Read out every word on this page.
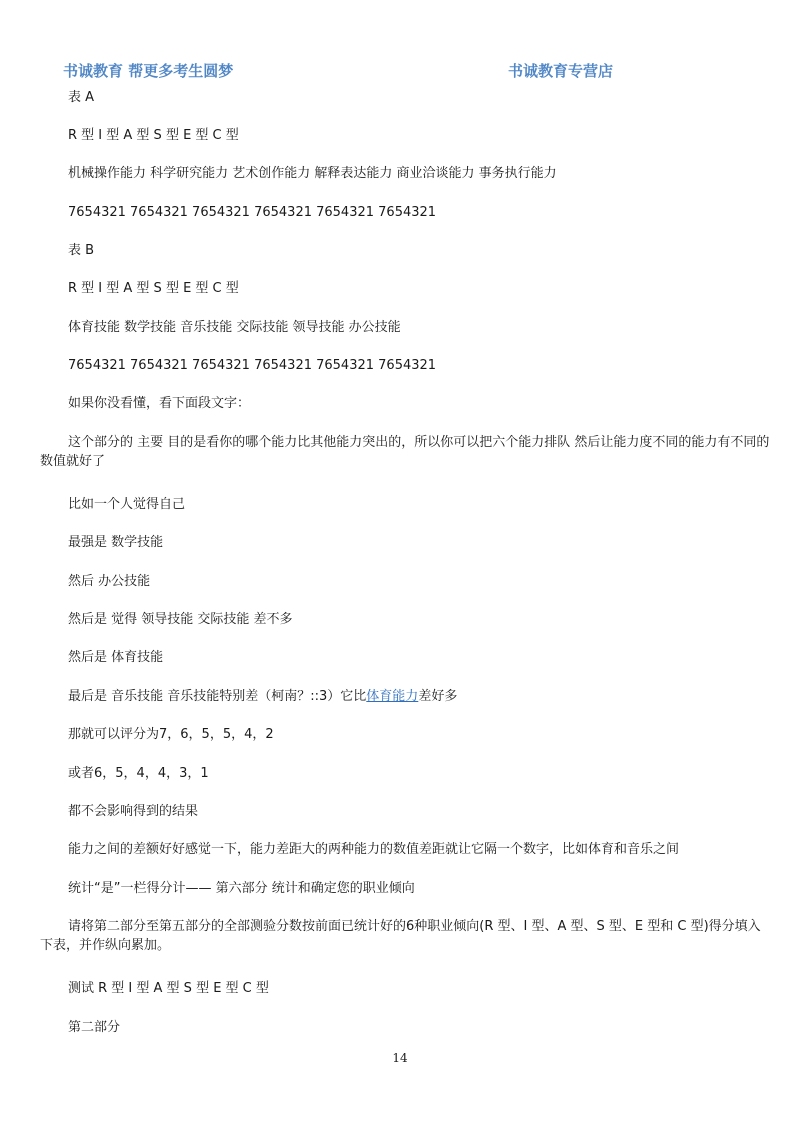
书诚教育 帮更多考生圆梦	书诚教育专营店
表 A
R 型 I 型 A 型 S 型 E 型 C 型
机械操作能力 科学研究能力 艺术创作能力 解释表达能力 商业洽谈能力 事务执行能力
7654321 7654321 7654321 7654321 7654321 7654321
表 B
R 型 I 型 A 型 S 型 E 型 C 型
体育技能 数学技能 音乐技能 交际技能 领导技能 办公技能
7654321 7654321 7654321 7654321 7654321 7654321
如果你没看懂，看下面段文字：
这个部分的 主要 目的是看你的哪个能力比其他能力突出的，所以你可以把六个能力排队 然后让能力度不同的能力有不同的数值就好了
比如一个人觉得自己
最强是 数学技能
然后 办公技能
然后是 觉得 领导技能 交际技能 差不多
然后是 体育技能
最后是 音乐技能 音乐技能特别差（柯南？::3）它比体育能力差好多
那就可以评分为7，6，5，5，4，2
或者6，5，4，4，3，1
都不会影响得到的结果
能力之间的差额好好感觉一下，能力差距大的两种能力的数值差距就让它隔一个数字，比如体育和音乐之间
统计“是”一栏得分计—— 第六部分 统计和确定您的职业倾向
请将第二部分至第五部分的全部测验分数按前面已统计好的6种职业倾向(R 型、I 型、A 型、S 型、E 型和 C 型)得分填入下表，并作纵向累加。
测试 R 型 I 型 A 型 S 型 E 型 C 型
第二部分
14
